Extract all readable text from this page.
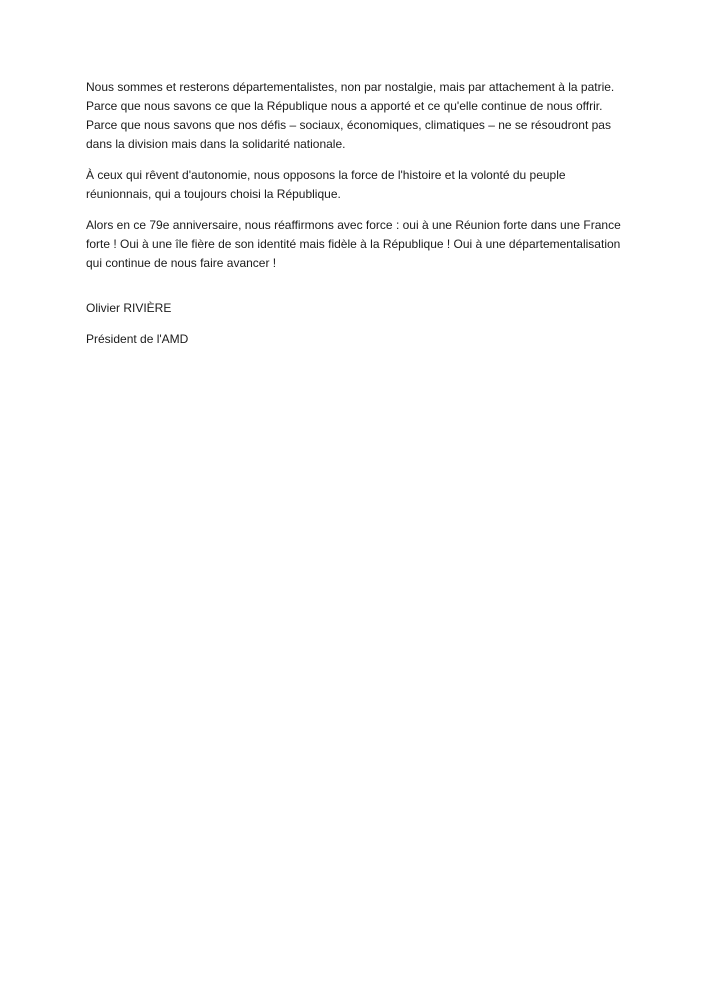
Nous sommes et resterons départementalistes, non par nostalgie, mais par attachement à la patrie. Parce que nous savons ce que la République nous a apporté et ce qu'elle continue de nous offrir. Parce que nous savons que nos défis – sociaux, économiques, climatiques – ne se résoudront pas dans la division mais dans la solidarité nationale.

À ceux qui rêvent d'autonomie, nous opposons la force de l'histoire et la volonté du peuple réunionnais, qui a toujours choisi la République.

Alors en ce 79e anniversaire, nous réaffirmons avec force : oui à une Réunion forte dans une France forte ! Oui à une île fière de son identité mais fidèle à la République ! Oui à une départementalisation qui continue de nous faire avancer !

Olivier RIVIÈRE

Président de l'AMD
